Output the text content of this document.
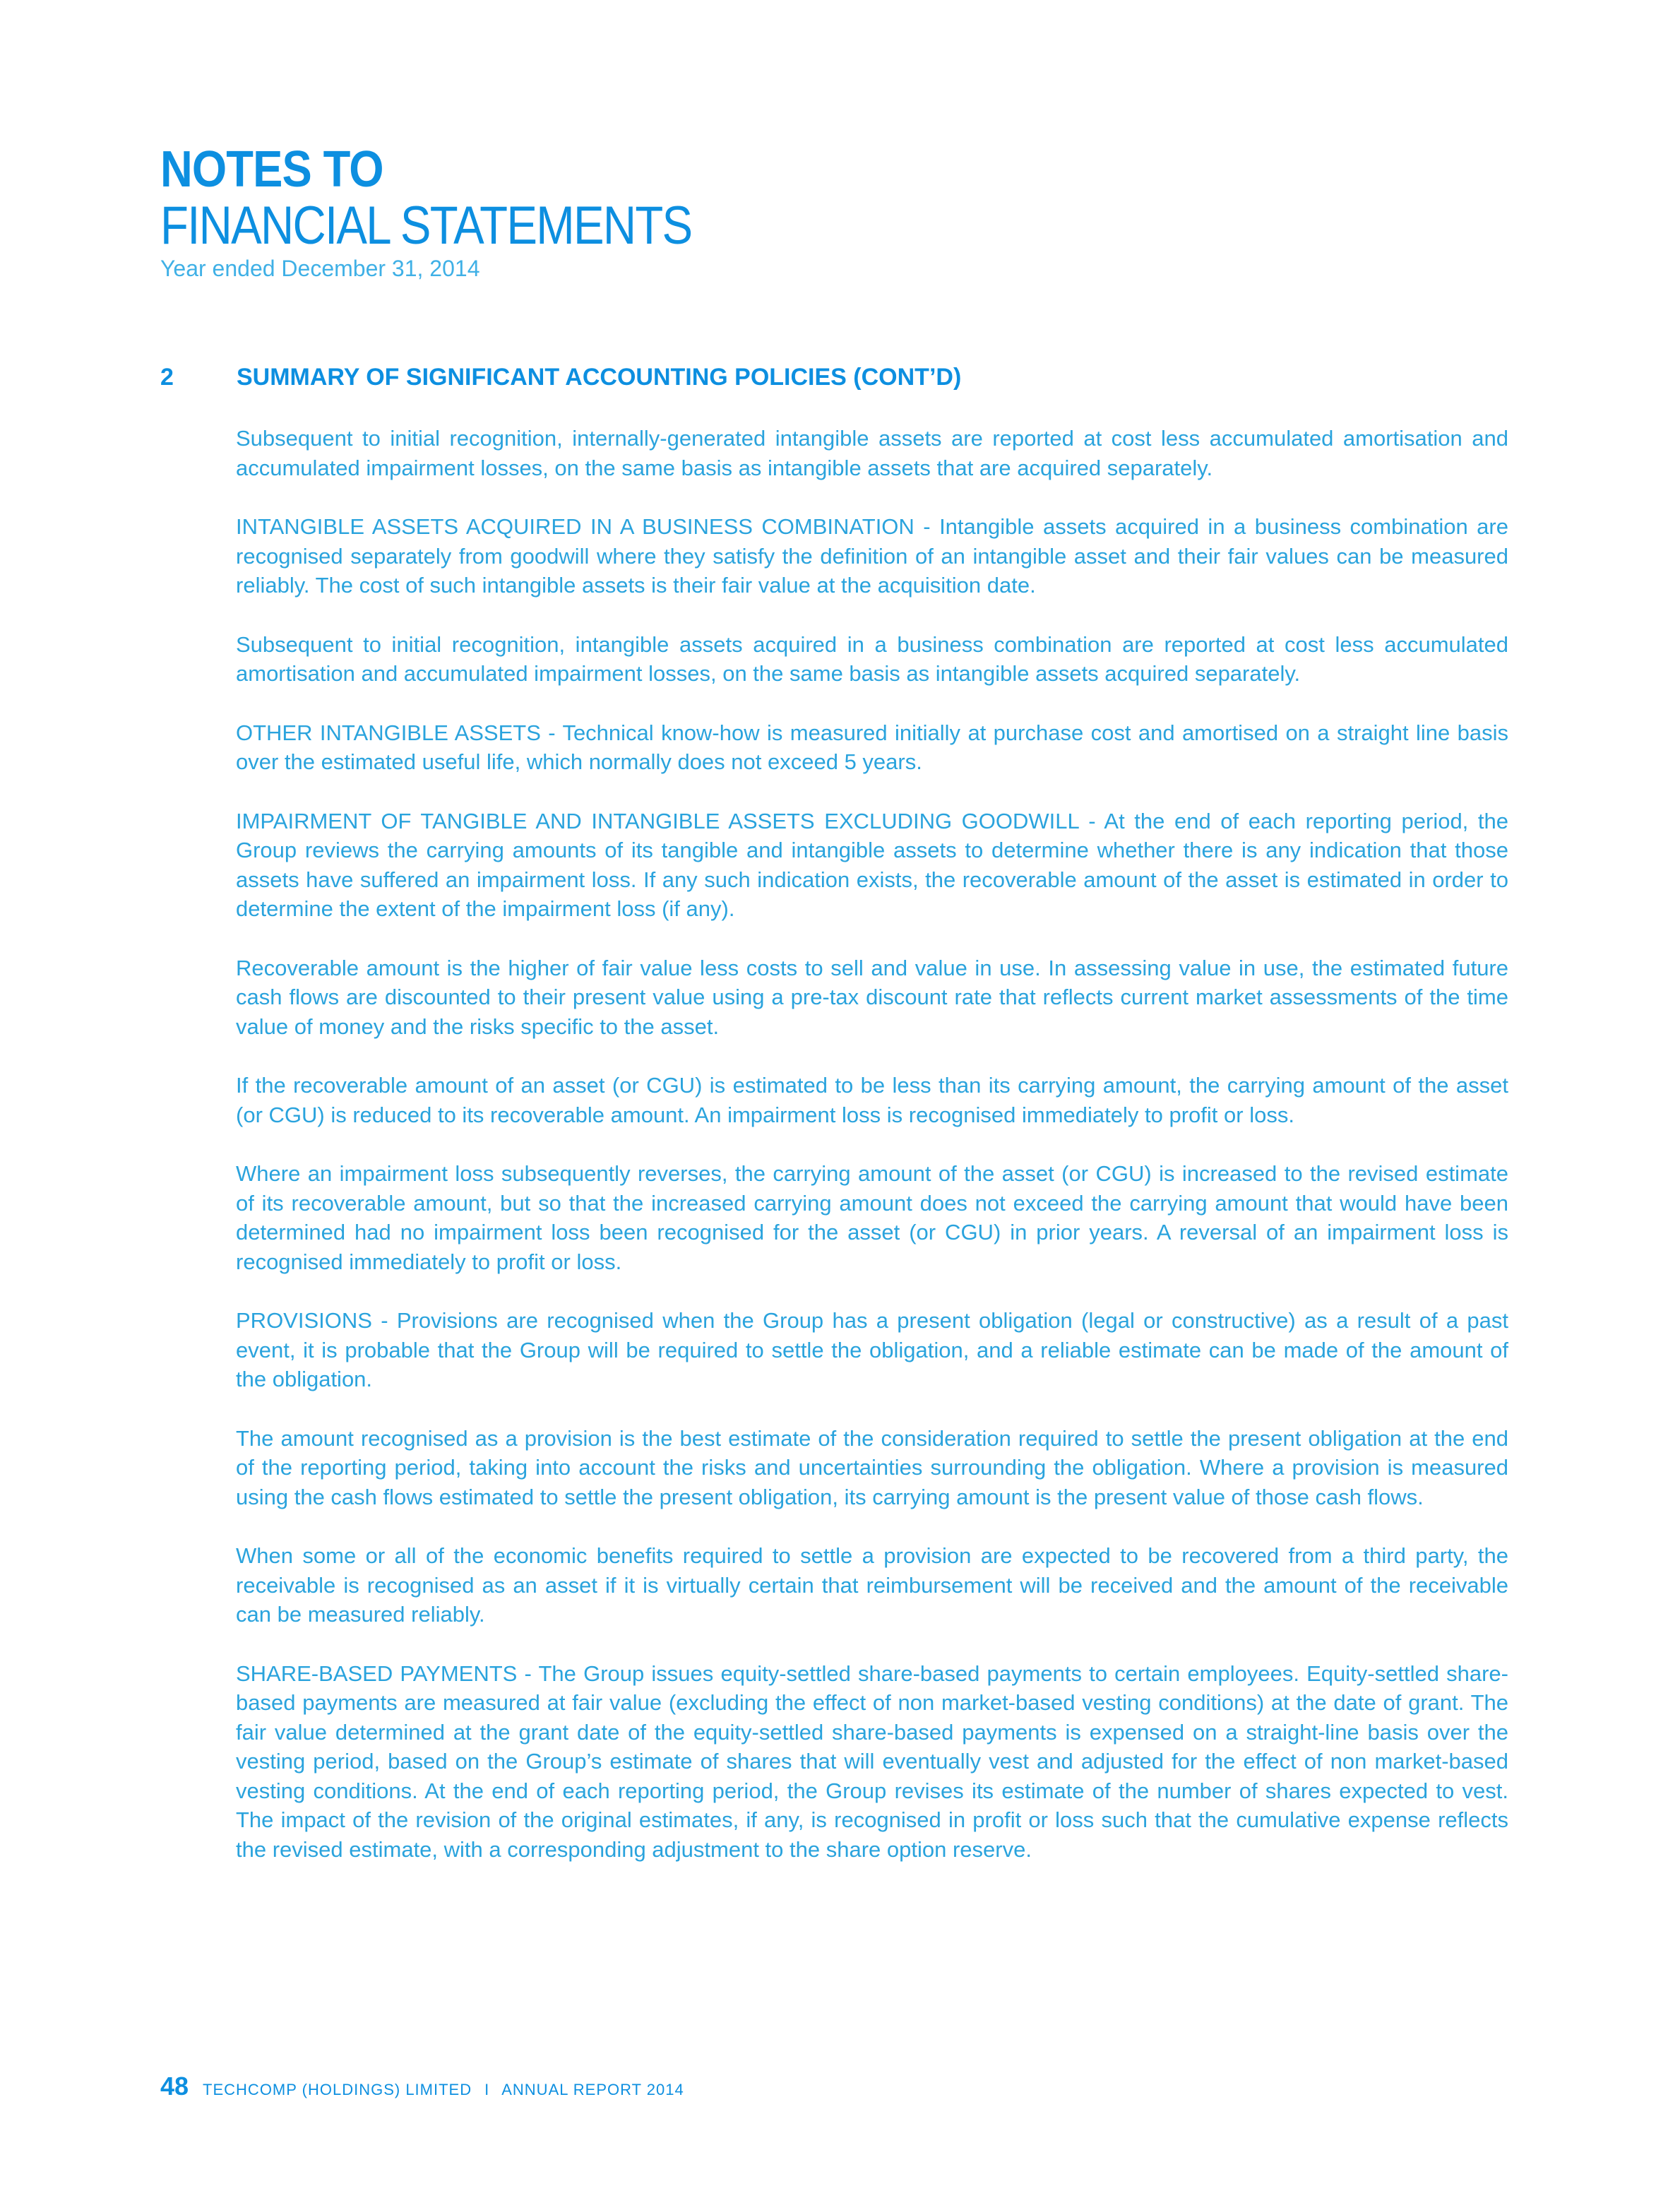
NOTES TO
FINANCIAL STATEMENTS
Year ended December 31, 2014
2	SUMMARY OF SIGNIFICANT ACCOUNTING POLICIES (CONT’D)

Subsequent to initial recognition, internally-generated intangible assets are reported at cost less accumulated amortisation and accumulated impairment losses, on the same basis as intangible assets that are acquired separately.

INTANGIBLE ASSETS ACQUIRED IN A BUSINESS COMBINATION - Intangible assets acquired in a business combination are recognised separately from goodwill where they satisfy the definition of an intangible asset and their fair values can be measured reliably. The cost of such intangible assets is their fair value at the acquisition date.

Subsequent to initial recognition, intangible assets acquired in a business combination are reported at cost less accumulated amortisation and accumulated impairment losses, on the same basis as intangible assets acquired separately.

OTHER INTANGIBLE ASSETS - Technical know-how is measured initially at purchase cost and amortised on a straight line basis over the estimated useful life, which normally does not exceed 5 years.

IMPAIRMENT OF TANGIBLE AND INTANGIBLE ASSETS EXCLUDING GOODWILL - At the end of each reporting period, the Group reviews the carrying amounts of its tangible and intangible assets to determine whether there is any indication that those assets have suffered an impairment loss. If any such indication exists, the recoverable amount of the asset is estimated in order to determine the extent of the impairment loss (if any).

Recoverable amount is the higher of fair value less costs to sell and value in use. In assessing value in use, the estimated future cash flows are discounted to their present value using a pre-tax discount rate that reflects current market assessments of the time value of money and the risks specific to the asset.

If the recoverable amount of an asset (or CGU) is estimated to be less than its carrying amount, the carrying amount of the asset (or CGU) is reduced to its recoverable amount. An impairment loss is recognised immediately to profit or loss.

Where an impairment loss subsequently reverses, the carrying amount of the asset (or CGU) is increased to the revised estimate of its recoverable amount, but so that the increased carrying amount does not exceed the carrying amount that would have been determined had no impairment loss been recognised for the asset (or CGU) in prior years. A reversal of an impairment loss is recognised immediately to profit or loss.

PROVISIONS - Provisions are recognised when the Group has a present obligation (legal or constructive) as a result of a past event, it is probable that the Group will be required to settle the obligation, and a reliable estimate can be made of the amount of the obligation.

The amount recognised as a provision is the best estimate of the consideration required to settle the present obligation at the end of the reporting period, taking into account the risks and uncertainties surrounding the obligation. Where a provision is measured using the cash flows estimated to settle the present obligation, its carrying amount is the present value of those cash flows.

When some or all of the economic benefits required to settle a provision are expected to be recovered from a third party, the receivable is recognised as an asset if it is virtually certain that reimbursement will be received and the amount of the receivable can be measured reliably.

SHARE-BASED PAYMENTS - The Group issues equity-settled share-based payments to certain employees. Equity-settled share-based payments are measured at fair value (excluding the effect of non market-based vesting conditions) at the date of grant. The fair value determined at the grant date of the equity-settled share-based payments is expensed on a straight-line basis over the vesting period, based on the Group’s estimate of shares that will eventually vest and adjusted for the effect of non market-based vesting conditions. At the end of each reporting period, the Group revises its estimate of the number of shares expected to vest. The impact of the revision of the original estimates, if any, is recognised in profit or loss such that the cumulative expense reflects the revised estimate, with a corresponding adjustment to the share option reserve.

48 TECHCOMP (HOLDINGS) LIMITED I ANNUAL REPORT 2014
